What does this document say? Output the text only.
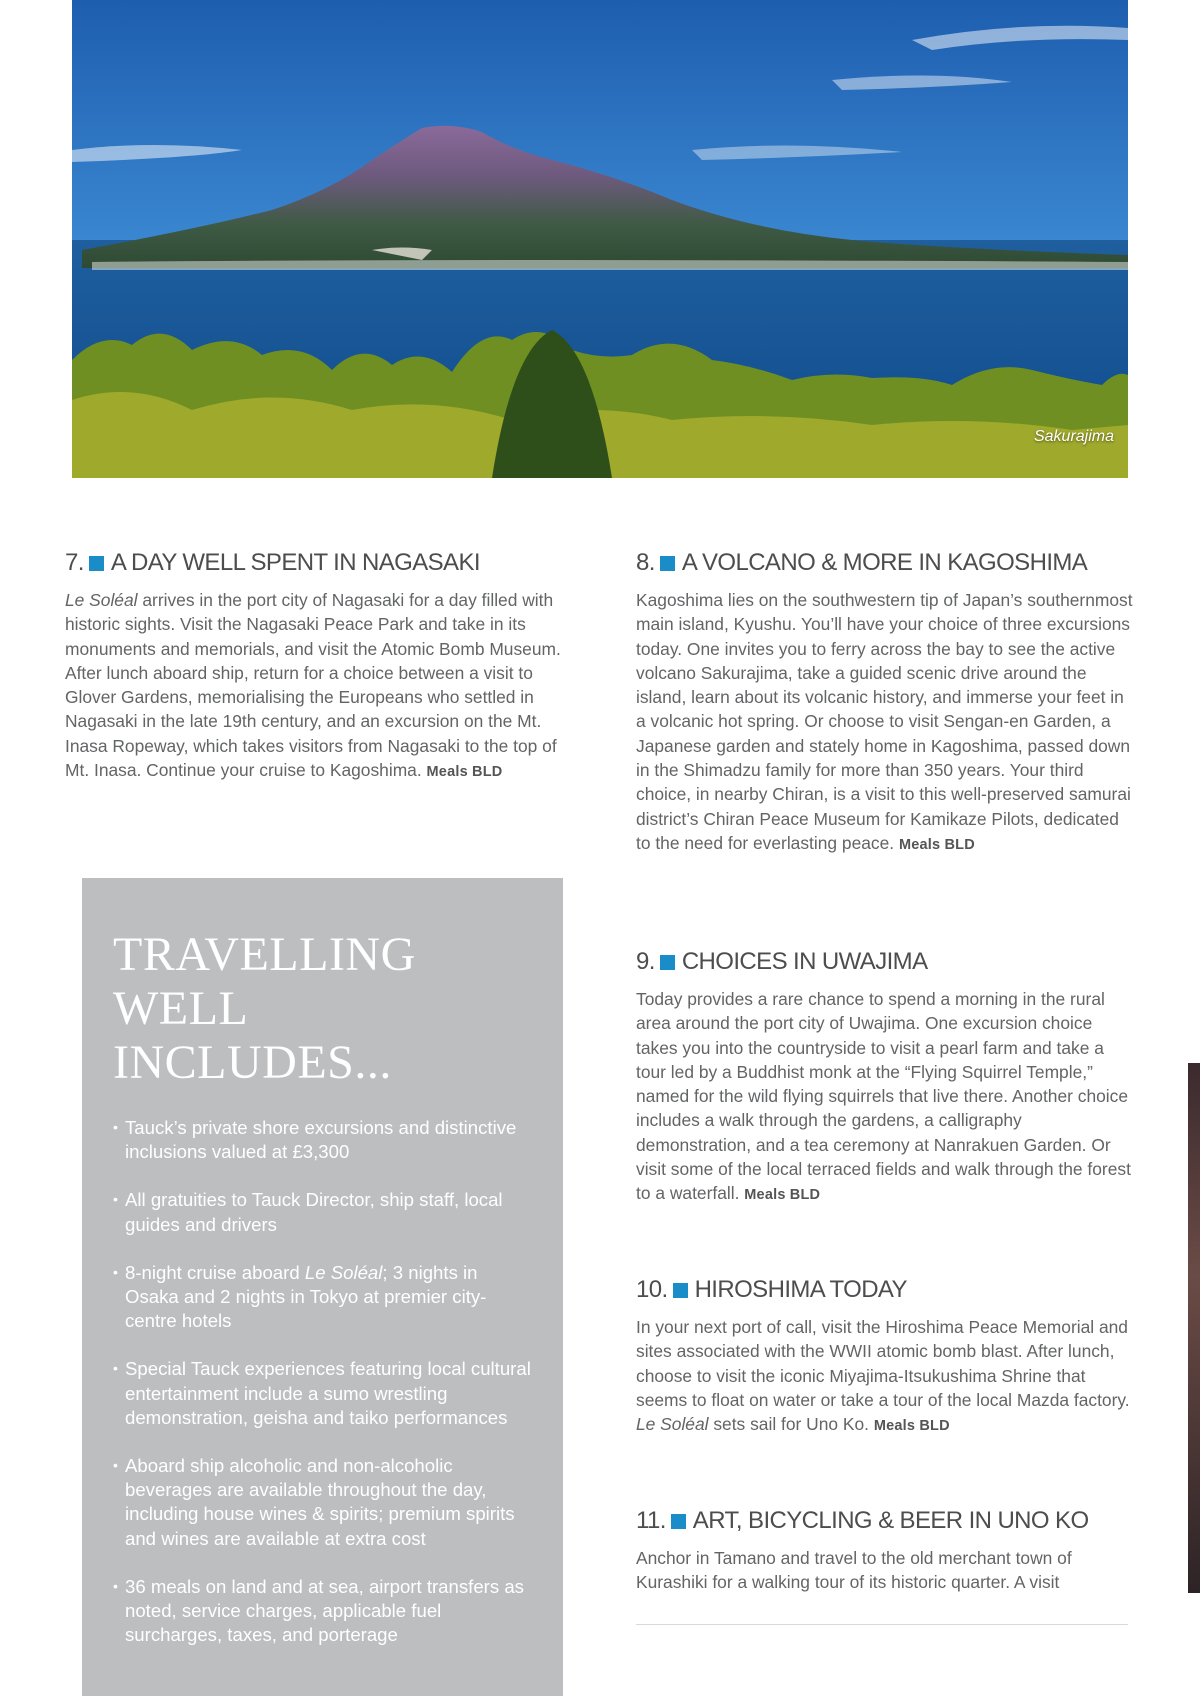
Sakurajima
7. A DAY WELL SPENT IN NAGASAKI

Le Soléal arrives in the port city of Nagasaki for a day filled with historic sights. Visit the Nagasaki Peace Park and take in its monuments and memorials, and visit the Atomic Bomb Museum. After lunch aboard ship, return for a choice between a visit to Glover Gardens, memorialising the Europeans who settled in Nagasaki in the late 19th century, and an excursion on the Mt. Inasa Ropeway, which takes visitors from Nagasaki to the top of Mt. Inasa. Continue your cruise to Kagoshima. Meals BLD

8. A VOLCANO & MORE IN KAGOSHIMA

Kagoshima lies on the southwestern tip of Japan’s southernmost main island, Kyushu. You’ll have your choice of three excursions today. One invites you to ferry across the bay to see the active volcano Sakurajima, take a guided scenic drive around the island, learn about its volcanic history, and immerse your feet in a volcanic hot spring. Or choose to visit Sengan-en Garden, a Japanese garden and stately home in Kagoshima, passed down in the Shimadzu family for more than 350 years. Your third choice, in nearby Chiran, is a visit to this well-preserved samurai district’s Chiran Peace Museum for Kamikaze Pilots, dedicated to the need for everlasting peace. Meals BLD

9. CHOICES IN UWAJIMA

Today provides a rare chance to spend a morning in the rural area around the port city of Uwajima. One excursion choice takes you into the countryside to visit a pearl farm and take a tour led by a Buddhist monk at the “Flying Squirrel Temple,” named for the wild flying squirrels that live there. Another choice includes a walk through the gardens, a calligraphy demonstration, and a tea ceremony at Nanrakuen Garden. Or visit some of the local terraced fields and walk through the forest to a waterfall. Meals BLD

10. HIROSHIMA TODAY

In your next port of call, visit the Hiroshima Peace Memorial and sites associated with the WWII atomic bomb blast. After lunch, choose to visit the iconic Miyajima-Itsukushima Shrine that seems to float on water or take a tour of the local Mazda factory. Le Soléal sets sail for Uno Ko. Meals BLD

11. ART, BICYCLING & BEER IN UNO KO

Anchor in Tamano and travel to the old merchant town of Kurashiki for a walking tour of its historic quarter. A visit

TRAVELLING WELL INCLUDES...
• Tauck’s private shore excursions and distinctive inclusions valued at £3,300
• All gratuities to Tauck Director, ship staff, local guides and drivers
• 8-night cruise aboard Le Soléal; 3 nights in Osaka and 2 nights in Tokyo at premier city-centre hotels
• Special Tauck experiences featuring local cultural entertainment include a sumo wrestling demonstration, geisha and taiko performances
• Aboard ship alcoholic and non-alcoholic beverages are available throughout the day, including house wines & spirits; premium spirits and wines are available at extra cost
• 36 meals on land and at sea, airport transfers as noted, service charges, applicable fuel surcharges, taxes, and porterage
